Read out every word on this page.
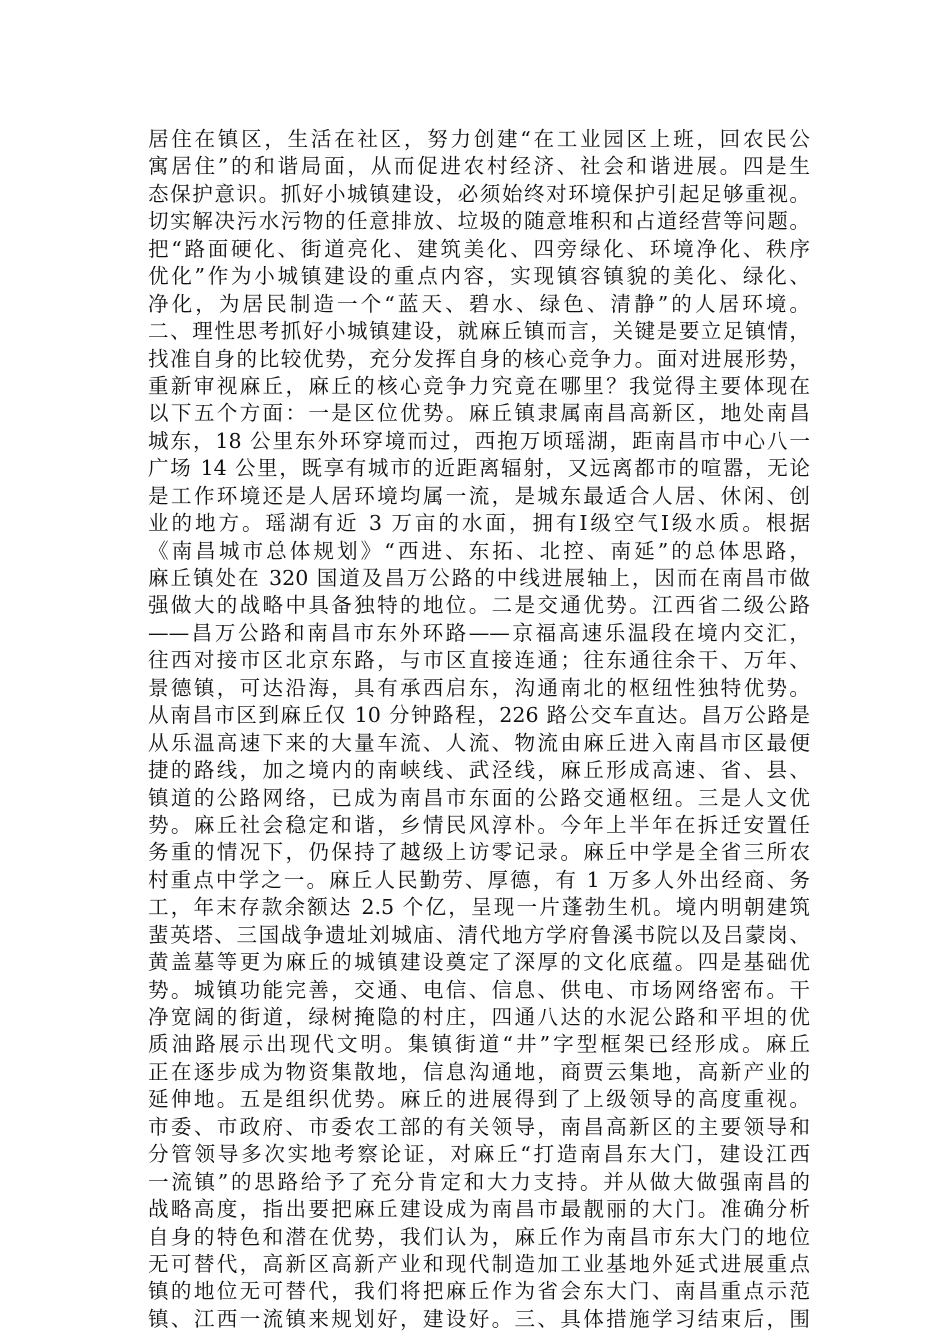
居住在镇区，生活在社区，努力创建“在工业园区上班，回农民公
寓居住”的和谐局面，从而促进农村经济、社会和谐进展。四是生
态保护意识。抓好小城镇建设，必须始终对环境保护引起足够重视。
切实解决污水污物的任意排放、垃圾的随意堆积和占道经营等问题。
把“路面硬化、街道亮化、建筑美化、四旁绿化、环境净化、秩序
优化”作为小城镇建设的重点内容，实现镇容镇貌的美化、绿化、
净化，为居民制造一个“蓝天、碧水、绿色、清静”的人居环境。
二、理性思考抓好小城镇建设，就麻丘镇而言，关键是要立足镇情，
找准自身的比较优势，充分发挥自身的核心竞争力。面对进展形势，
重新审视麻丘，麻丘的核心竞争力究竟在哪里？我觉得主要体现在
以下五个方面：一是区位优势。麻丘镇隶属南昌高新区，地处南昌
城东，18 公里东外环穿境而过，西抱万顷瑶湖，距南昌市中心八一
广场 14 公里，既享有城市的近距离辐射，又远离都市的喧嚣，无论
是工作环境还是人居环境均属一流，是城东最适合人居、休闲、创
业的地方。瑶湖有近 3 万亩的水面，拥有Ⅰ级空气Ⅰ级水质。根据
《南昌城市总体规划》“西进、东拓、北控、南延”的总体思路，
麻丘镇处在 320 国道及昌万公路的中线进展轴上，因而在南昌市做
强做大的战略中具备独特的地位。二是交通优势。江西省二级公路
——昌万公路和南昌市东外环路——京福高速乐温段在境内交汇，
往西对接市区北京东路，与市区直接连通；往东通往余干、万年、
景德镇，可达沿海，具有承西启东，沟通南北的枢纽性独特优势。
从南昌市区到麻丘仅 10 分钟路程，226 路公交车直达。昌万公路是
从乐温高速下来的大量车流、人流、物流由麻丘进入南昌市区最便
捷的路线，加之境内的南峡线、武泾线，麻丘形成高速、省、县、
镇道的公路网络，已成为南昌市东面的公路交通枢纽。三是人文优
势。麻丘社会稳定和谐，乡情民风淳朴。今年上半年在拆迁安置任
务重的情况下，仍保持了越级上访零记录。麻丘中学是全省三所农
村重点中学之一。麻丘人民勤劳、厚德，有 1 万多人外出经商、务
工，年末存款余额达 2.5 个亿，呈现一片蓬勃生机。境内明朝建筑
蜚英塔、三国战争遗址刘城庙、清代地方学府鲁溪书院以及吕蒙岗、
黄盖墓等更为麻丘的城镇建设奠定了深厚的文化底蕴。四是基础优
势。城镇功能完善，交通、电信、信息、供电、市场网络密布。干
净宽阔的街道，绿树掩隐的村庄，四通八达的水泥公路和平坦的优
质油路展示出现代文明。集镇街道“井”字型框架已经形成。麻丘
正在逐步成为物资集散地，信息沟通地，商贾云集地，高新产业的
延伸地。五是组织优势。麻丘的进展得到了上级领导的高度重视。
市委、市政府、市委农工部的有关领导，南昌高新区的主要领导和
分管领导多次实地考察论证，对麻丘“打造南昌东大门，建设江西
一流镇”的思路给予了充分肯定和大力支持。并从做大做强南昌的
战略高度，指出要把麻丘建设成为南昌市最靓丽的大门。准确分析
自身的特色和潜在优势，我们认为，麻丘作为南昌市东大门的地位
无可替代，高新区高新产业和现代制造加工业基地外延式进展重点
镇的地位无可替代，我们将把麻丘作为省会东大门、南昌重点示范
镇、江西一流镇来规划好，建设好。三、具体措施学习结束后，围
